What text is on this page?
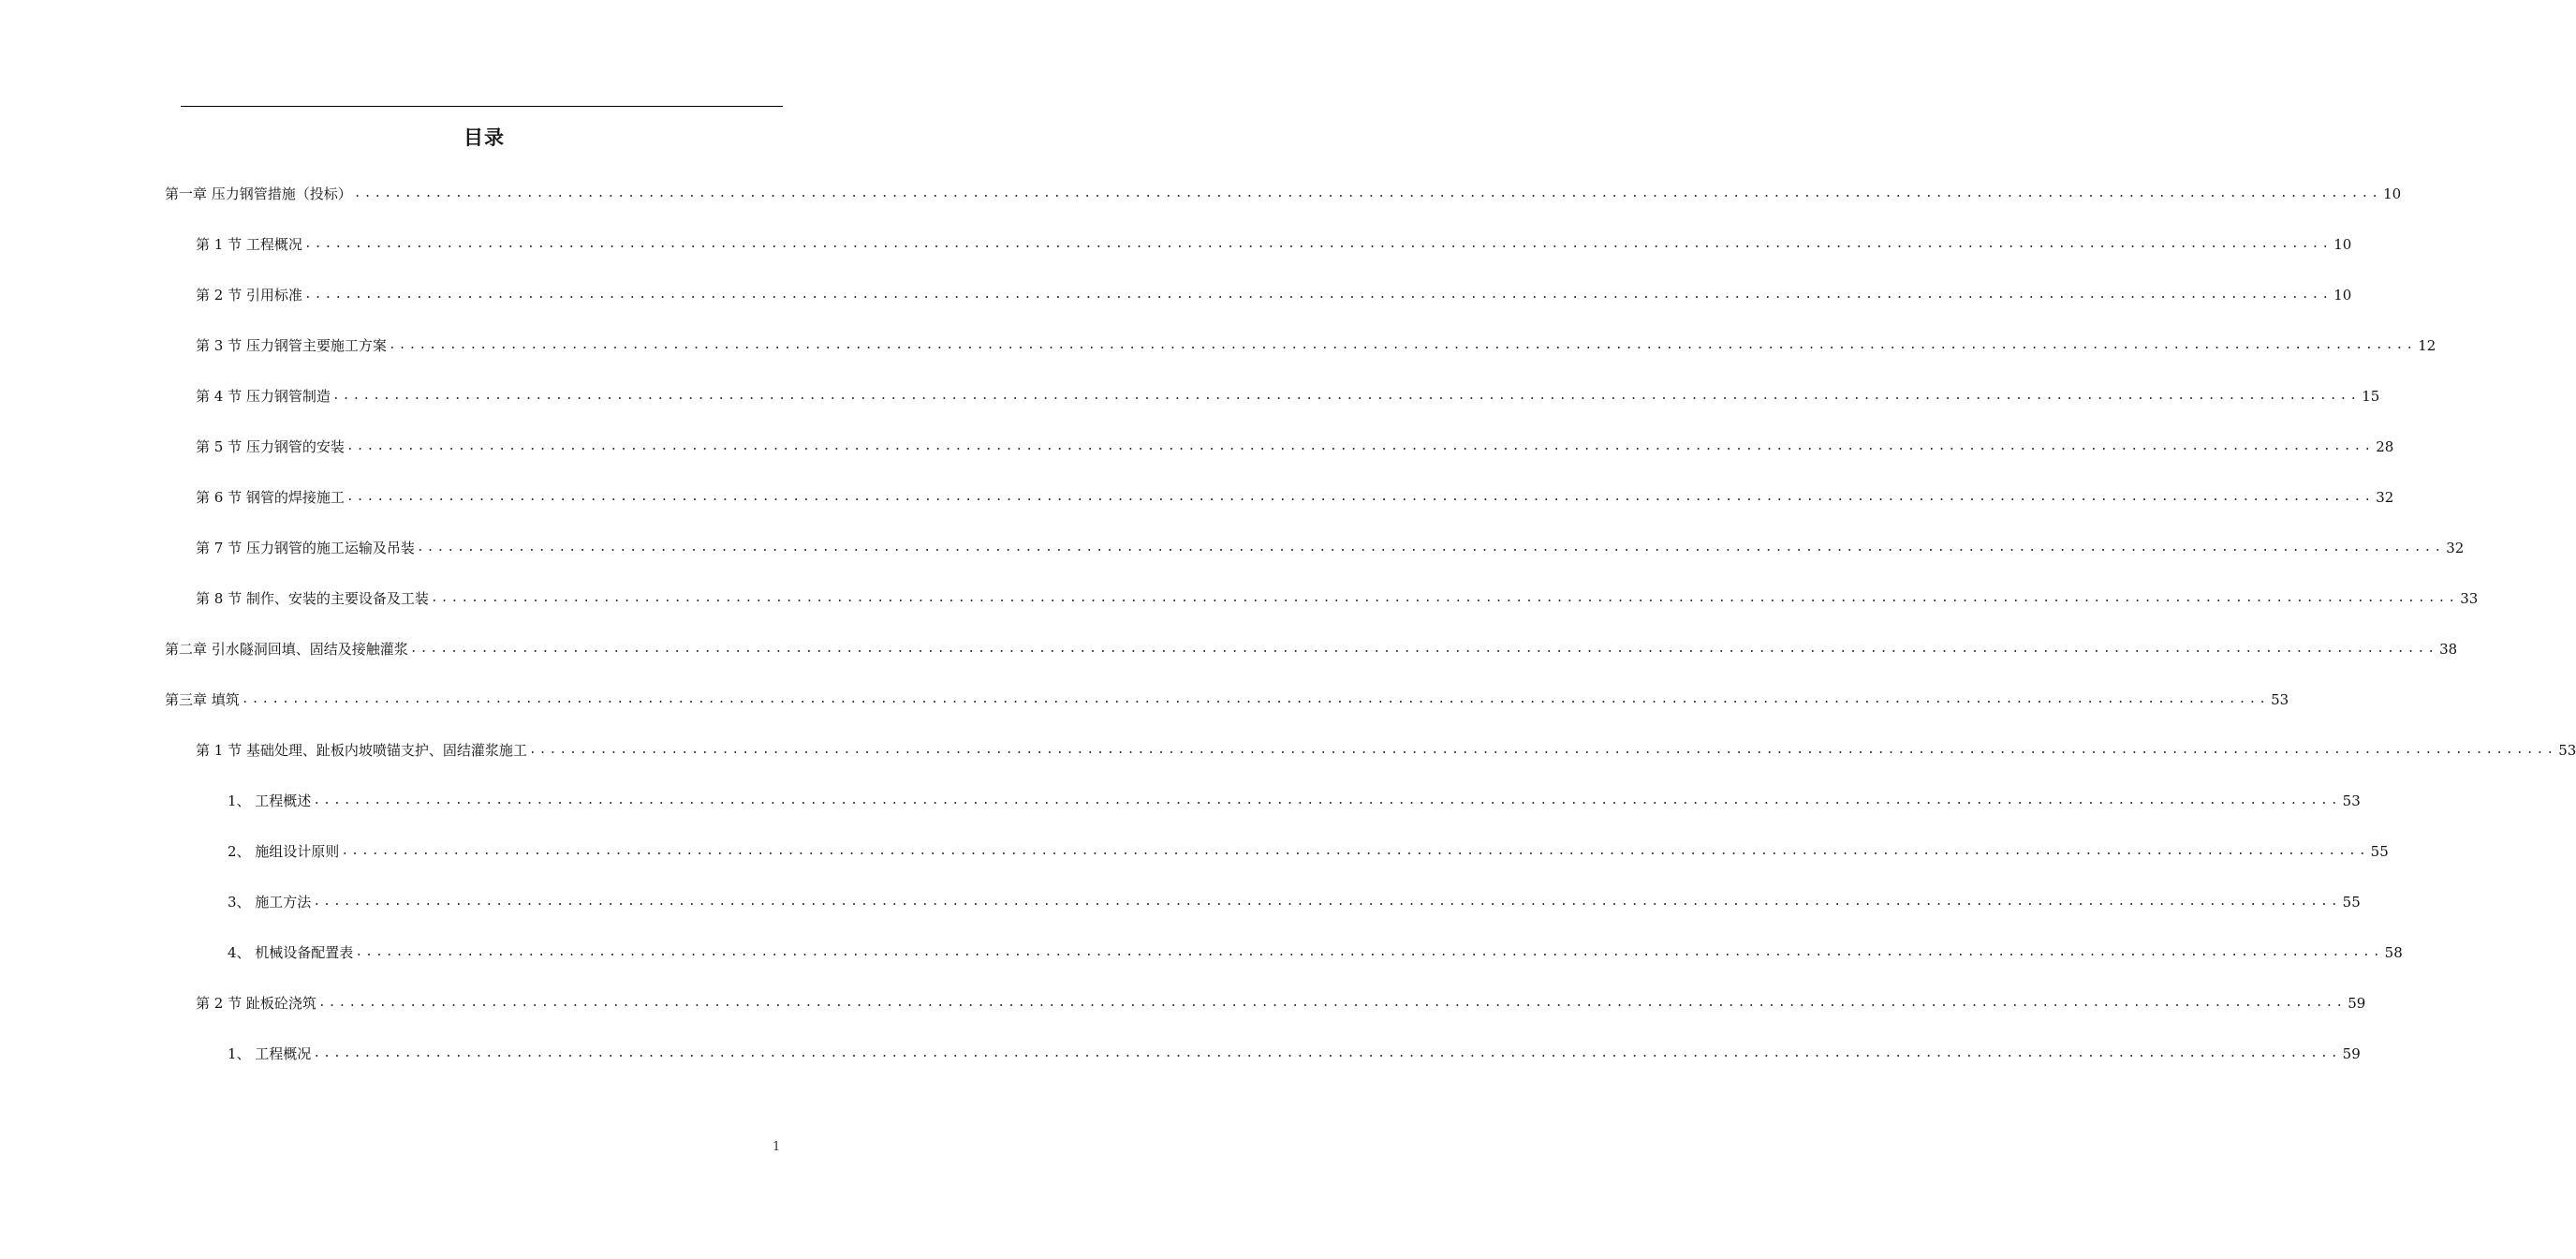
目录
第一章 压力钢管措施（投标） ........................................................................................................................................................................................................ 10
第 1 节 工程概况 ........................................................................................................................................................................................................ 10
第 2 节 引用标准 ........................................................................................................................................................................................................ 10
第 3 节 压力钢管主要施工方案 ........................................................................................................................................................................................................ 12
第 4 节 压力钢管制造 ........................................................................................................................................................................................................ 15
第 5 节 压力钢管的安装 ........................................................................................................................................................................................................ 28
第 6 节 钢管的焊接施工 ........................................................................................................................................................................................................ 32
第 7 节 压力钢管的施工运输及吊装 ........................................................................................................................................................................................................ 32
第 8 节 制作、安装的主要设备及工装 ........................................................................................................................................................................................................ 33
第二章 引水隧洞回填、固结及接触灌浆 ........................................................................................................................................................................................................ 38
第三章 填筑 ........................................................................................................................................................................................................ 53
第 1 节 基础处理、趾板内坡喷锚支护、固结灌浆施工 ........................................................................................................................................................................................................ 53
1、 工程概述 ........................................................................................................................................................................................................ 53
2、 施组设计原则 ........................................................................................................................................................................................................ 55
3、 施工方法 ........................................................................................................................................................................................................ 55
4、 机械设备配置表 ........................................................................................................................................................................................................ 58
第 2 节 趾板砼浇筑 ........................................................................................................................................................................................................ 59
1、 工程概况 ........................................................................................................................................................................................................ 59
1
